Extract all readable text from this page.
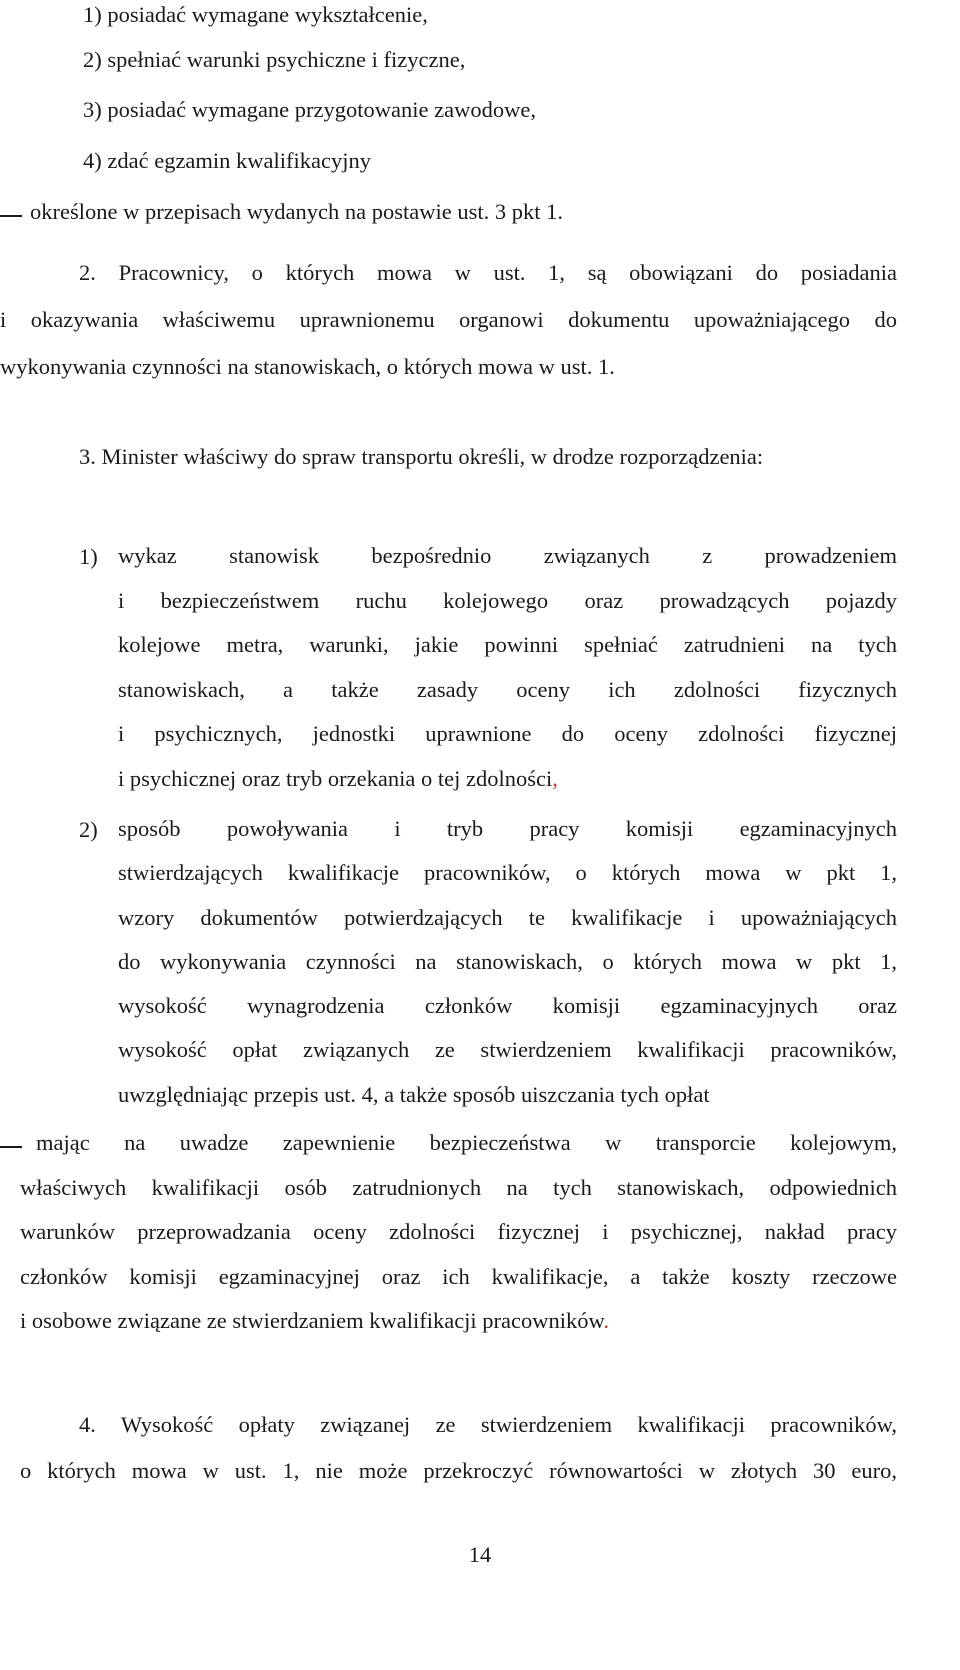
1) posiadać wymagane wykształcenie,

2) spełniać warunki psychiczne i fizyczne,

3) posiadać wymagane przygotowanie zawodowe,

4) zdać egzamin kwalifikacyjny

określone w przepisach wydanych na postawie ust. 3 pkt 1.

2. Pracownicy, o których mowa w ust. 1, są obowiązani do posiadania
i okazywania właściwemu uprawnionemu organowi dokumentu upoważniającego do
wykonywania czynności na stanowiskach, o których mowa w ust. 1.

3. Minister właściwy do spraw transportu określi, w drodze rozporządzenia:

1) wykaz stanowisk bezpośrednio związanych z prowadzeniem
i bezpieczeństwem ruchu kolejowego oraz prowadzących pojazdy
kolejowe metra, warunki, jakie powinni spełniać zatrudnieni na tych
stanowiskach, a także zasady oceny ich zdolności fizycznych
i psychicznych, jednostki uprawnione do oceny zdolności fizycznej
i psychicznej oraz tryb orzekania o tej zdolności,

2) sposób powoływania i tryb pracy komisji egzaminacyjnych
stwierdzających kwalifikacje pracowników, o których mowa w pkt 1,
wzory dokumentów potwierdzających te kwalifikacje i upoważniających
do wykonywania czynności na stanowiskach, o których mowa w pkt 1,
wysokość wynagrodzenia członków komisji egzaminacyjnych oraz
wysokość opłat związanych ze stwierdzeniem kwalifikacji pracowników,
uwzględniając przepis ust. 4, a także sposób uiszczania tych opłat
mając na uwadze zapewnienie bezpieczeństwa w transporcie kolejowym,
właściwych kwalifikacji osób zatrudnionych na tych stanowiskach, odpowiednich
warunków przeprowadzania oceny zdolności fizycznej i psychicznej, nakład pracy
członków komisji egzaminacyjnej oraz ich kwalifikacje, a także koszty rzeczowe
i osobowe związane ze stwierdzaniem kwalifikacji pracowników.
4. Wysokość opłaty związanej ze stwierdzeniem kwalifikacji pracowników,
o których mowa w ust. 1, nie może przekroczyć równowartości w złotych 30 euro,
14
